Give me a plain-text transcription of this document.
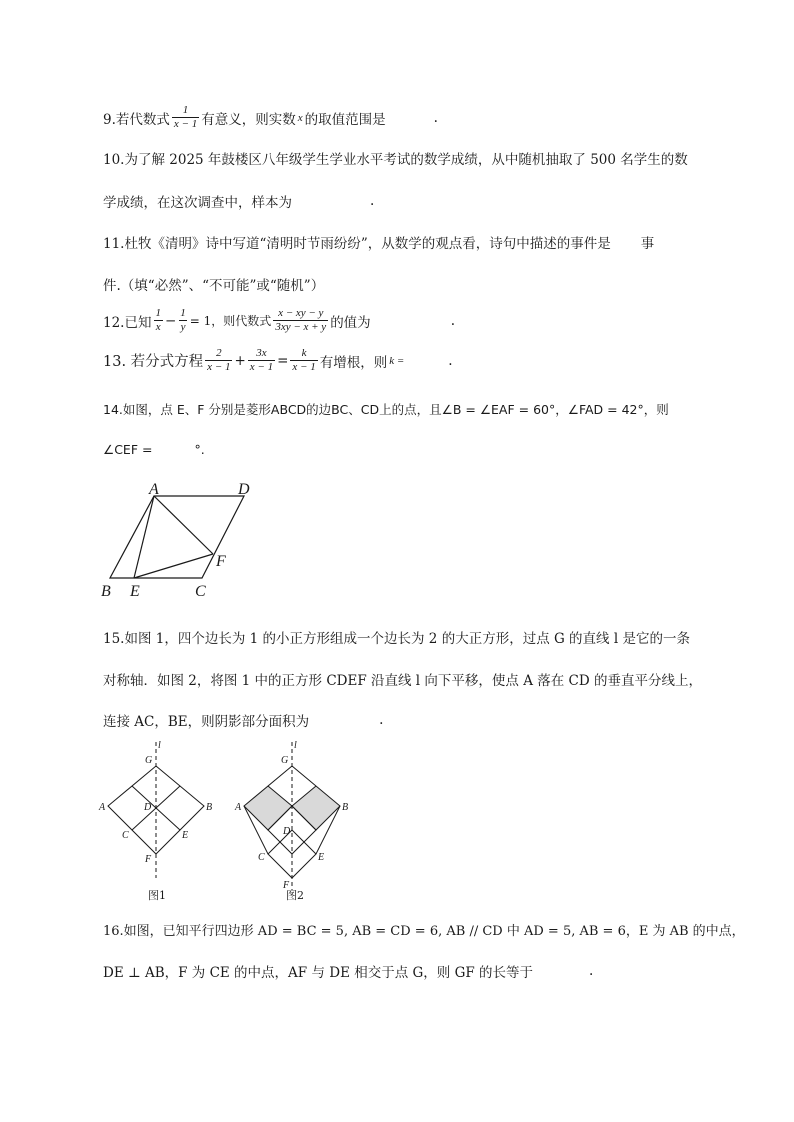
9.若代数式 $\frac{1}{x - 1}$ 有意义，则实数 x 的取值范围是	.
10.为了解 2025 年鼓楼区八年级学生学业水平考试的数学成绩，从中随机抽取了 500 名学生的数
学成绩，在这次调查中，样本为	.
11.杜牧《清明》诗中写道“清明时节雨纷纷”，从数学的观点看，诗句中描述的事件是 事
件.（填“必然”、“不可能”或“随机”）
12.已知 $\frac{1}{x} - \frac{1}{y} = 1$，则代数式 $\frac{x - xy - y}{3xy - x + y}$ 的值为	.
13. 若分式方程 $\frac{2}{x - 1} + \frac{3x}{x - 1} = \frac{k}{x - 1}$ 有增根，则 k =	.
14.如图，点 E、F 分别是菱形ABCD的边BC、CD上的点，且∠B = ∠EAF = 60°，∠FAD = 42°，则
∠CEF =	°.
A	D
B E	C
F
15.如图 1，四个边长为 1 的小正方形组成一个边长为 2 的大正方形，过点 G 的直线 l 是它的一条
对称轴．如图 2，将图 1 中的正方形 CDEF 沿直线 l 向下平移，使点 A 落在 CD 的垂直平分线上，
连接 AC，BE，则阴影部分面积为	.
l
G
A	B
D
C	E
F
图1
l
G
A	B
D
C	E
F
图2
16.如图，已知平行四边形 AD = BC = 5, AB = CD = 6, AB // CD 中 AD = 5, AB = 6，E 为 AB 的中点，
DE ⊥ AB，F 为 CE 的中点，AF 与 DE 相交于点 G，则 GF 的长等于	.
